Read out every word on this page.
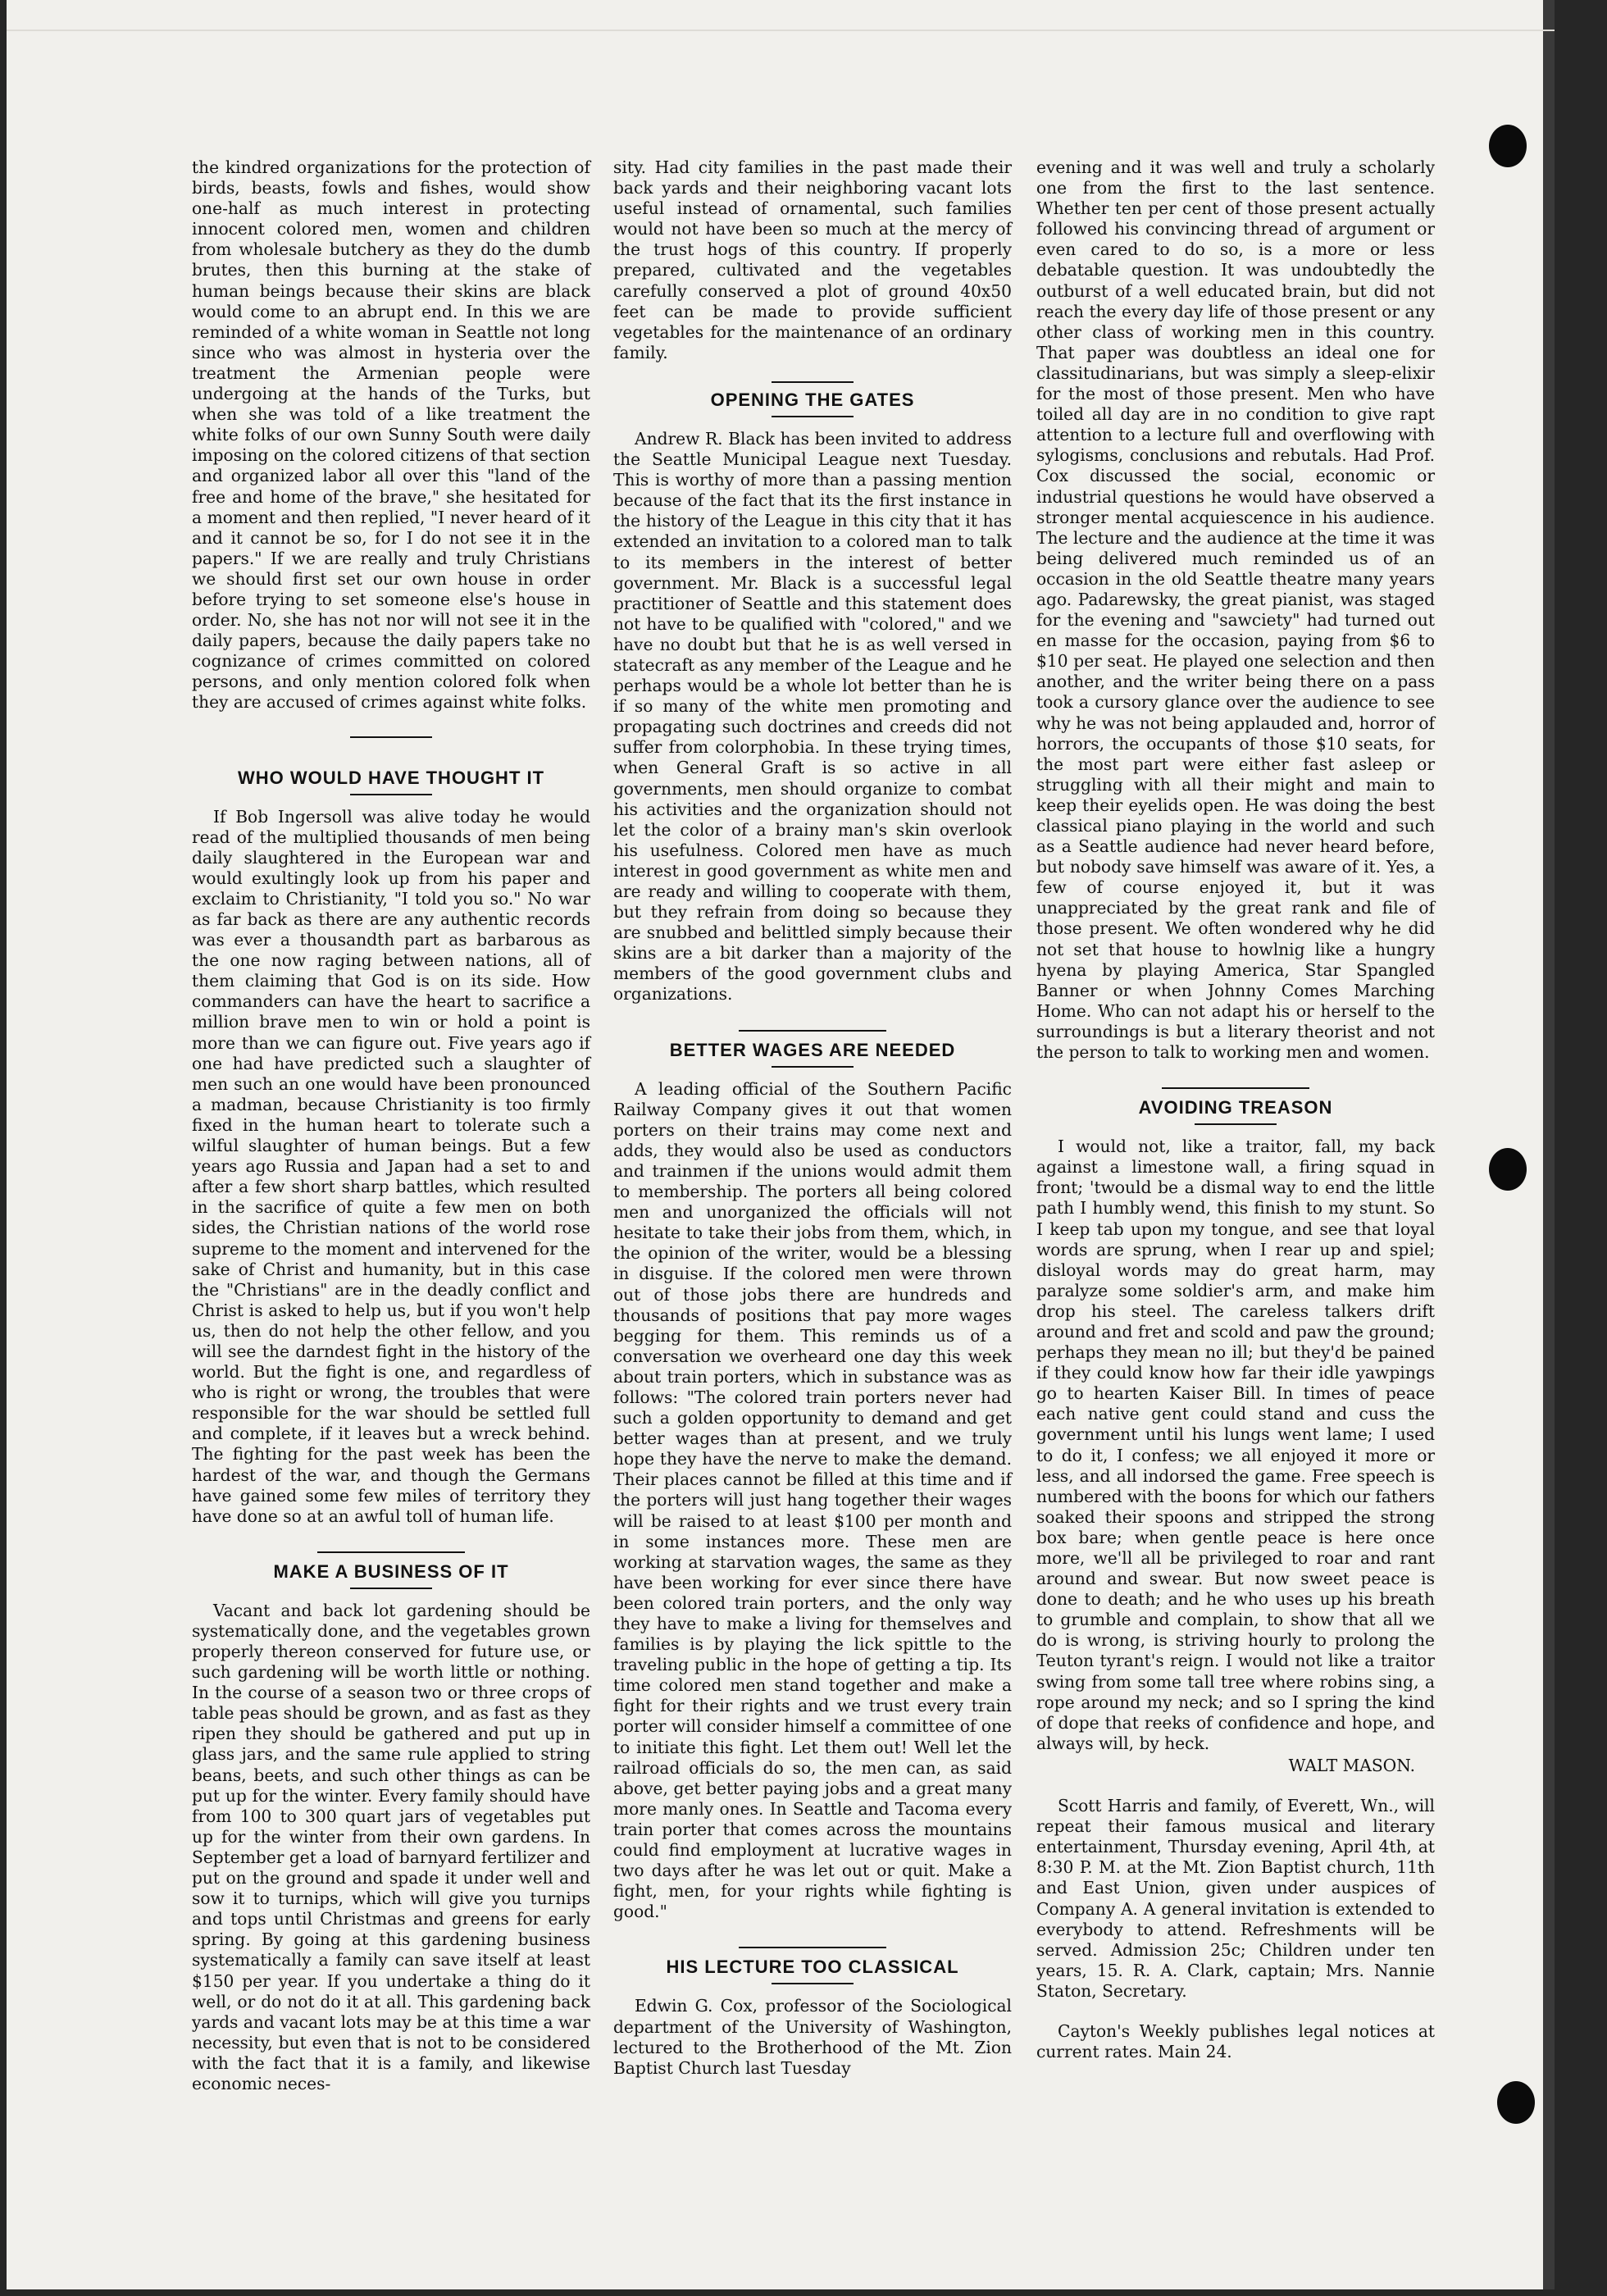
the kindred organizations for the protection of birds, beasts, fowls and fishes, would show one-half as much interest in protecting innocent colored men, women and children from wholesale butchery as they do the dumb brutes, then this burning at the stake of human beings because their skins are black would come to an abrupt end. In this we are reminded of a white woman in Seattle not long since who was almost in hysteria over the treatment the Armenian people were undergoing at the hands of the Turks, but when she was told of a like treatment the white folks of our own Sunny South were daily imposing on the colored citizens of that section and organized labor all over this "land of the free and home of the brave," she hesitated for a moment and then replied, "I never heard of it and it cannot be so, for I do not see it in the papers." If we are really and truly Christians we should first set our own house in order before trying to set someone else's house in order. No, she has not nor will not see it in the daily papers, because the daily papers take no cognizance of crimes committed on colored persons, and only mention colored folk when they are accused of crimes against white folks.

WHO WOULD HAVE THOUGHT IT

If Bob Ingersoll was alive today he would read of the multiplied thousands of men being daily slaughtered in the European war and would exultingly look up from his paper and exclaim to Christianity, "I told you so." No war as far back as there are any authentic records was ever a thousandth part as barbarous as the one now raging between nations, all of them claiming that God is on its side. How commanders can have the heart to sacrifice a million brave men to win or hold a point is more than we can figure out. Five years ago if one had have predicted such a slaughter of men such an one would have been pronounced a madman, because Christianity is too firmly fixed in the human heart to tolerate such a wilful slaughter of human beings. But a few years ago Russia and Japan had a set to and after a few short sharp battles, which resulted in the sacrifice of quite a few men on both sides, the Christian nations of the world rose supreme to the moment and intervened for the sake of Christ and humanity, but in this case the "Christians" are in the deadly conflict and Christ is asked to help us, but if you won't help us, then do not help the other fellow, and you will see the darndest fight in the history of the world. But the fight is one, and regardless of who is right or wrong, the troubles that were responsible for the war should be settled full and complete, if it leaves but a wreck behind. The fighting for the past week has been the hardest of the war, and though the Germans have gained some few miles of territory they have done so at an awful toll of human life.

MAKE A BUSINESS OF IT

Vacant and back lot gardening should be systematically done, and the vegetables grown properly thereon conserved for future use, or such gardening will be worth little or nothing. In the course of a season two or three crops of table peas should be grown, and as fast as they ripen they should be gathered and put up in glass jars, and the same rule applied to string beans, beets, and such other things as can be put up for the winter. Every family should have from 100 to 300 quart jars of vegetables put up for the winter from their own gardens. In September get a load of barnyard fertilizer and put on the ground and spade it under well and sow it to turnips, which will give you turnips and tops until Christmas and greens for early spring. By going at this gardening business systematically a family can save itself at least $150 per year. If you undertake a thing do it well, or do not do it at all. This gardening back yards and vacant lots may be at this time a war necessity, but even that is not to be considered with the fact that it is a family, and likewise economic neces-

sity. Had city families in the past made their back yards and their neighboring vacant lots useful instead of ornamental, such families would not have been so much at the mercy of the trust hogs of this country. If properly prepared, cultivated and the vegetables carefully conserved a plot of ground 40x50 feet can be made to provide sufficient vegetables for the maintenance of an ordinary family.

OPENING THE GATES

Andrew R. Black has been invited to address the Seattle Municipal League next Tuesday. This is worthy of more than a passing mention because of the fact that its the first instance in the history of the League in this city that it has extended an invitation to a colored man to talk to its members in the interest of better government. Mr. Black is a successful legal practitioner of Seattle and this statement does not have to be qualified with "colored," and we have no doubt but that he is as well versed in statecraft as any member of the League and he perhaps would be a whole lot better than he is if so many of the white men promoting and propagating such doctrines and creeds did not suffer from colorphobia. In these trying times, when General Graft is so active in all governments, men should organize to combat his activities and the organization should not let the color of a brainy man's skin overlook his usefulness. Colored men have as much interest in good government as white men and are ready and willing to cooperate with them, but they refrain from doing so because they are snubbed and belittled simply because their skins are a bit darker than a majority of the members of the good government clubs and organizations.

BETTER WAGES ARE NEEDED

A leading official of the Southern Pacific Railway Company gives it out that women porters on their trains may come next and adds, they would also be used as conductors and trainmen if the unions would admit them to membership. The porters all being colored men and unorganized the officials will not hesitate to take their jobs from them, which, in the opinion of the writer, would be a blessing in disguise. If the colored men were thrown out of those jobs there are hundreds and thousands of positions that pay more wages begging for them. This reminds us of a conversation we overheard one day this week about train porters, which in substance was as follows: "The colored train porters never had such a golden opportunity to demand and get better wages than at present, and we truly hope they have the nerve to make the demand. Their places cannot be filled at this time and if the porters will just hang together their wages will be raised to at least $100 per month and in some instances more. These men are working at starvation wages, the same as they have been working for ever since there have been colored train porters, and the only way they have to make a living for themselves and families is by playing the lick spittle to the traveling public in the hope of getting a tip. Its time colored men stand together and make a fight for their rights and we trust every train porter will consider himself a committee of one to initiate this fight. Let them out! Well let the railroad officials do so, the men can, as said above, get better paying jobs and a great many more manly ones. In Seattle and Tacoma every train porter that comes across the mountains could find employment at lucrative wages in two days after he was let out or quit. Make a fight, men, for your rights while fighting is good."

HIS LECTURE TOO CLASSICAL

Edwin G. Cox, professor of the Sociological department of the University of Washington, lectured to the Brotherhood of the Mt. Zion Baptist Church last Tuesday

evening and it was well and truly a scholarly one from the first to the last sentence. Whether ten per cent of those present actually followed his convincing thread of argument or even cared to do so, is a more or less debatable question. It was undoubtedly the outburst of a well educated brain, but did not reach the every day life of those present or any other class of working men in this country. That paper was doubtless an ideal one for classitudinarians, but was simply a sleep-elixir for the most of those present. Men who have toiled all day are in no condition to give rapt attention to a lecture full and overflowing with sylogisms, conclusions and rebutals. Had Prof. Cox discussed the social, economic or industrial questions he would have observed a stronger mental acquiescence in his audience. The lecture and the audience at the time it was being delivered much reminded us of an occasion in the old Seattle theatre many years ago. Padarewsky, the great pianist, was staged for the evening and "sawciety" had turned out en masse for the occasion, paying from $6 to $10 per seat. He played one selection and then another, and the writer being there on a pass took a cursory glance over the audience to see why he was not being applauded and, horror of horrors, the occupants of those $10 seats, for the most part were either fast asleep or struggling with all their might and main to keep their eyelids open. He was doing the best classical piano playing in the world and such as a Seattle audience had never heard before, but nobody save himself was aware of it. Yes, a few of course enjoyed it, but it was unappreciated by the great rank and file of those present. We often wondered why he did not set that house to howlnig like a hungry hyena by playing America, Star Spangled Banner or when Johnny Comes Marching Home. Who can not adapt his or herself to the surroundings is but a literary theorist and not the person to talk to working men and women.

AVOIDING TREASON

I would not, like a traitor, fall, my back against a limestone wall, a firing squad in front; 'twould be a dismal way to end the little path I humbly wend, this finish to my stunt. So I keep tab upon my tongue, and see that loyal words are sprung, when I rear up and spiel; disloyal words may do great harm, may paralyze some soldier's arm, and make him drop his steel. The careless talkers drift around and fret and scold and paw the ground; perhaps they mean no ill; but they'd be pained if they could know how far their idle yawpings go to hearten Kaiser Bill. In times of peace each native gent could stand and cuss the government until his lungs went lame; I used to do it, I confess; we all enjoyed it more or less, and all indorsed the game. Free speech is numbered with the boons for which our fathers soaked their spoons and stripped the strong box bare; when gentle peace is here once more, we'll all be privileged to roar and rant around and swear. But now sweet peace is done to death; and he who uses up his breath to grumble and complain, to show that all we do is wrong, is striving hourly to prolong the Teuton tyrant's reign. I would not like a traitor swing from some tall tree where robins sing, a rope around my neck; and so I spring the kind of dope that reeks of confidence and hope, and always will, by heck.

WALT MASON.

Scott Harris and family, of Everett, Wn., will repeat their famous musical and literary entertainment, Thursday evening, April 4th, at 8:30 P. M. at the Mt. Zion Baptist church, 11th and East Union, given under auspices of Company A. A general invitation is extended to everybody to attend. Refreshments will be served. Admission 25c; Children under ten years, 15. R. A. Clark, captain; Mrs. Nannie Staton, Secretary.

Cayton's Weekly publishes legal notices at current rates. Main 24.
